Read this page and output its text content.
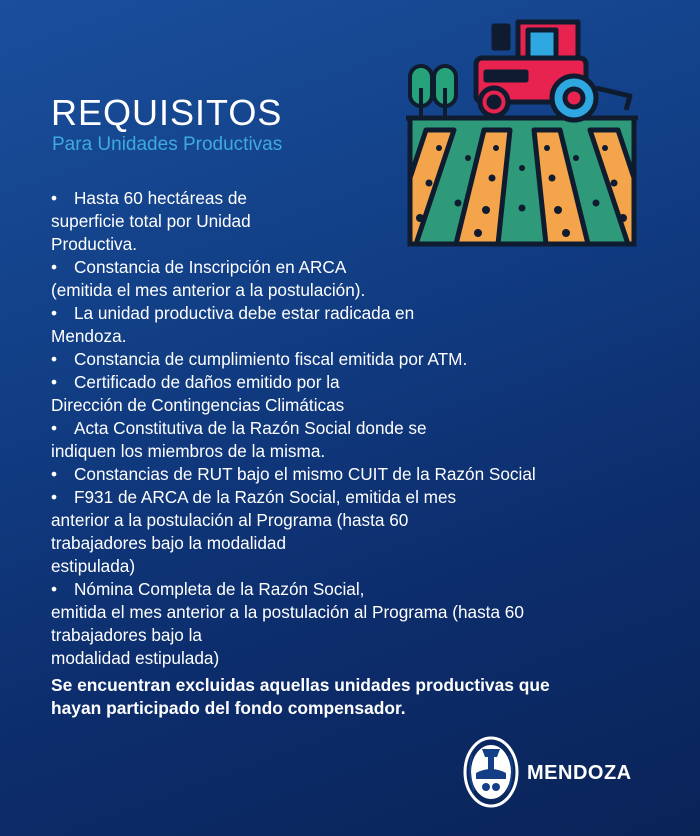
REQUISITOS
Para Unidades Productivas
• Hasta 60 hectáreas de
superficie total por Unidad
Productiva.
• Constancia de Inscripción en ARCA
(emitida el mes anterior a la postulación).
• La unidad productiva debe estar radicada en
Mendoza.
• Constancia de cumplimiento fiscal emitida por ATM.
• Certificado de daños emitido por la
Dirección de Contingencias Climáticas
• Acta Constitutiva de la Razón Social donde se
indiquen los miembros de la misma.
• Constancias de RUT bajo el mismo CUIT de la Razón Social
• F931 de ARCA de la Razón Social, emitida el mes
anterior a la postulación al Programa (hasta 60
trabajadores bajo la modalidad
estipulada)
• Nómina Completa de la Razón Social,
emitida el mes anterior a la postulación al Programa (hasta 60
trabajadores bajo la
modalidad estipulada)
Se encuentran excluidas aquellas unidades productivas que
hayan participado del fondo compensador.
MENDOZA
